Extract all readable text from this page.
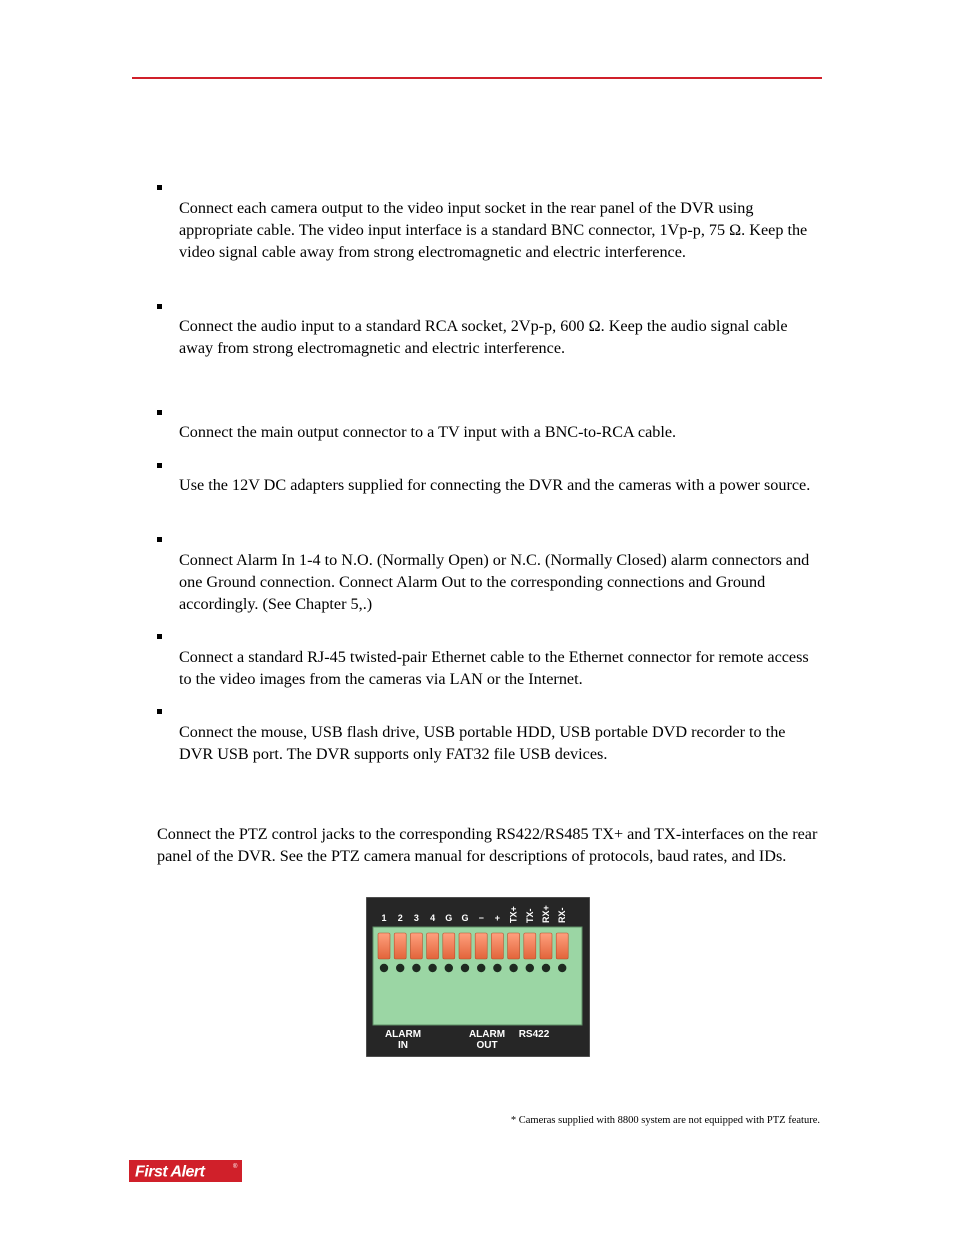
Connect each camera output to the video input socket in the rear panel of the DVR using appropriate cable. The video input interface is a standard BNC connector, 1Vp-p, 75 Ω. Keep the video signal cable away from strong electromagnetic and electric interference.

Connect the audio input to a standard RCA socket, 2Vp-p, 600 Ω. Keep the audio signal cable away from strong electromagnetic and electric interference.

Connect the main output connector to a TV input with a BNC-to-RCA cable.

Use the 12V DC adapters supplied for connecting the DVR and the cameras with a power source.

Connect Alarm In 1-4 to N.O. (Normally Open) or N.C. (Normally Closed) alarm connectors and one Ground connection. Connect Alarm Out to the corresponding connections and Ground accordingly. (See Chapter 5,.)

Connect a standard RJ-45 twisted-pair Ethernet cable to the Ethernet connector for remote access to the video images from the cameras via LAN or the Internet.

Connect the mouse, USB flash drive, USB portable HDD, USB portable DVD recorder to the DVR USB port. The DVR supports only FAT32 file USB devices.

Connect the PTZ control jacks to the corresponding RS422/RS485 TX+ and TX-interfaces on the rear panel of the DVR. See the PTZ camera manual for descriptions of protocols, baud rates, and IDs.

1 2 3 4 G G − + TX+ TX- RX+ RX-
ALARM
IN
ALARM
OUT
RS422
* Cameras supplied with 8800 system are not equipped with PTZ feature.
First Alert	®
